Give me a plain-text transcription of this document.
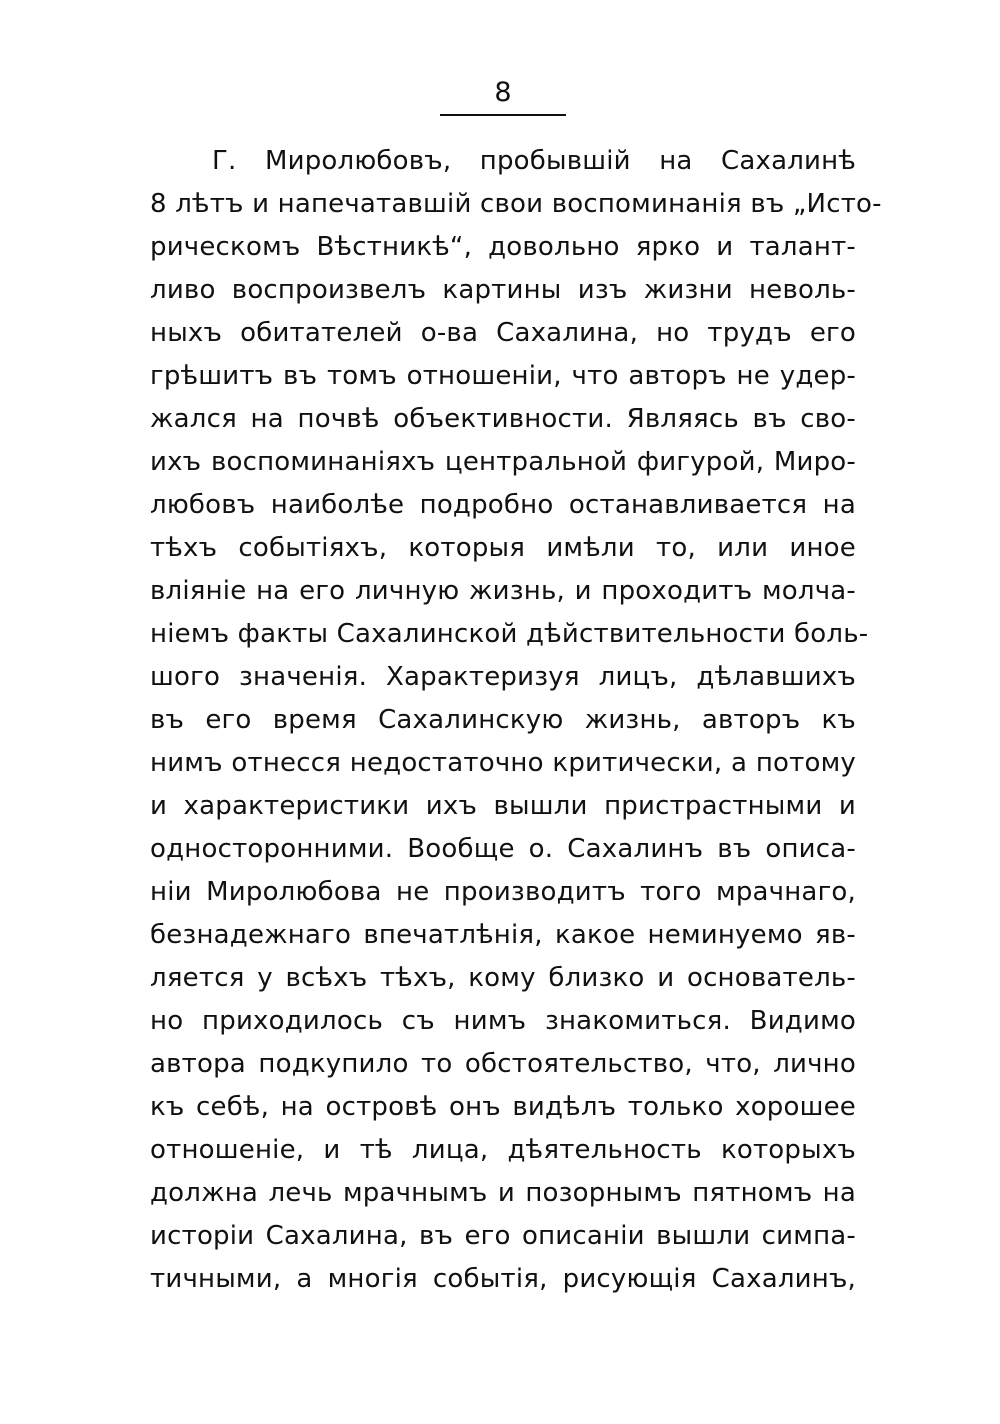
8
Г. Миролюбовъ, пробывшій на Сахалинѣ
8 лѣтъ и напечатавшій свои воспоминанія въ „Исто-
рическомъ Вѣстникѣ“, довольно ярко и талант-
ливо воспроизвелъ картины изъ жизни неволь-
ныхъ обитателей о-ва Сахалина, но трудъ его
грѣшитъ въ томъ отношеніи, что авторъ не удер-
жался на почвѣ объективности. Являясь въ сво-
ихъ воспоминаніяхъ центральной фигурой, Миро-
любовъ наиболѣе подробно останавливается на
тѣхъ событіяхъ, которыя имѣли то, или иное
вліяніе на его личную жизнь, и проходитъ молча-
ніемъ факты Сахалинской дѣйствительности боль-
шого значенія. Характеризуя лицъ, дѣлавшихъ
въ его время Сахалинскую жизнь, авторъ къ
нимъ отнесся недостаточно критически, а потому
и характеристики ихъ вышли пристрастными и
односторонними. Вообще о. Сахалинъ въ описа-
ніи Миролюбова не производитъ того мрачнаго,
безнадежнаго впечатлѣнія, какое неминуемо яв-
ляется у всѣхъ тѣхъ, кому близко и основатель-
но приходилось съ нимъ знакомиться. Видимо
автора подкупило то обстоятельство, что, лично
къ себѣ, на островѣ онъ видѣлъ только хорошее
отношеніе, и тѣ лица, дѣятельность которыхъ
должна лечь мрачнымъ и позорнымъ пятномъ на
исторіи Сахалина, въ его описаніи вышли симпа-
тичными, а многія событія, рисующія Сахалинъ,
